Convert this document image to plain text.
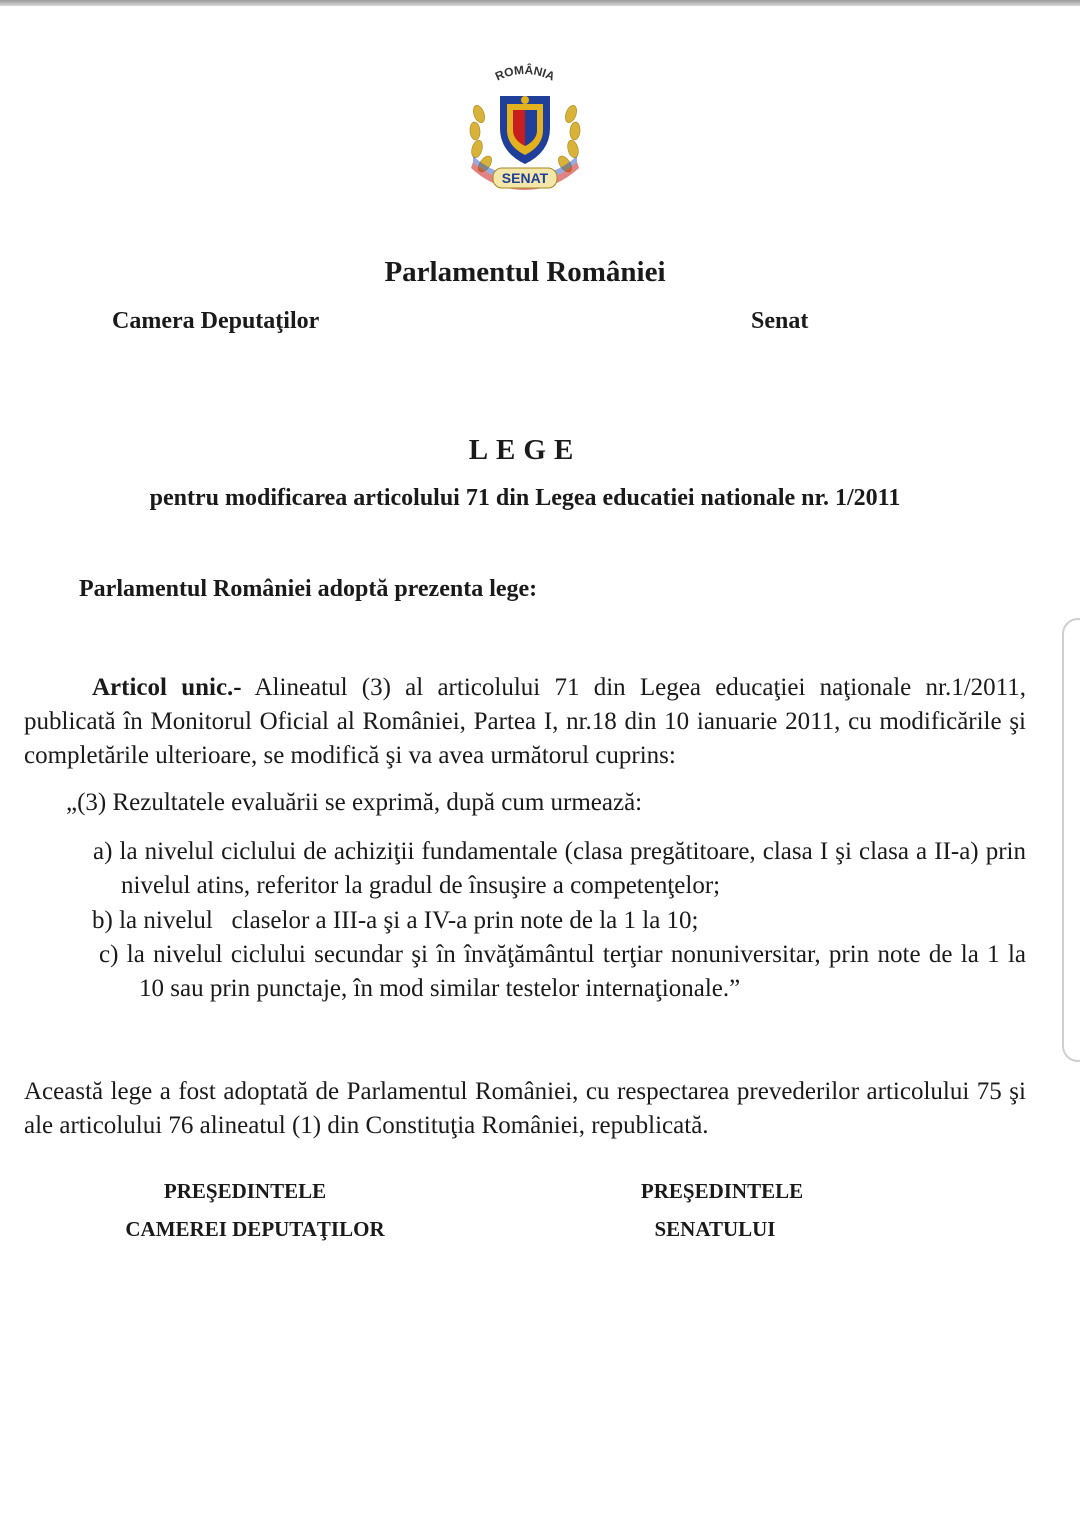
ROMÂNIA
SENAT
Parlamentul României
Camera Deputaţilor	Senat
LEGE
pentru modificarea articolului 71 din Legea educatiei nationale nr. 1/2011
Parlamentul României adoptă prezenta lege:
Articol unic.- Alineatul (3) al articolului 71 din Legea educaţiei naţionale nr.1/2011, publicată în Monitorul Oficial al României, Partea I, nr.18 din 10 ianuarie 2011, cu modificările şi completările ulterioare, se modifică şi va avea următorul cuprins:
„(3) Rezultatele evaluării se exprimă, după cum urmează:
a) la nivelul ciclului de achiziţii fundamentale (clasa pregătitoare, clasa I şi clasa a II-a) prin nivelul atins, referitor la gradul de însuşire a competenţelor;
b) la nivelul   claselor a III-a şi a IV-a prin note de la 1 la 10;
c) la nivelul ciclului secundar şi în învăţământul terţiar nonuniversitar, prin note de la 1 la 10 sau prin punctaje, în mod similar testelor internaţionale.”
Această lege a fost adoptată de Parlamentul României, cu respectarea prevederilor articolului 75 şi ale articolului 76 alineatul (1) din Constituţia României, republicată.
PREŞEDINTELE
CAMEREI DEPUTAŢILOR
PREŞEDINTELE
SENATULUI
